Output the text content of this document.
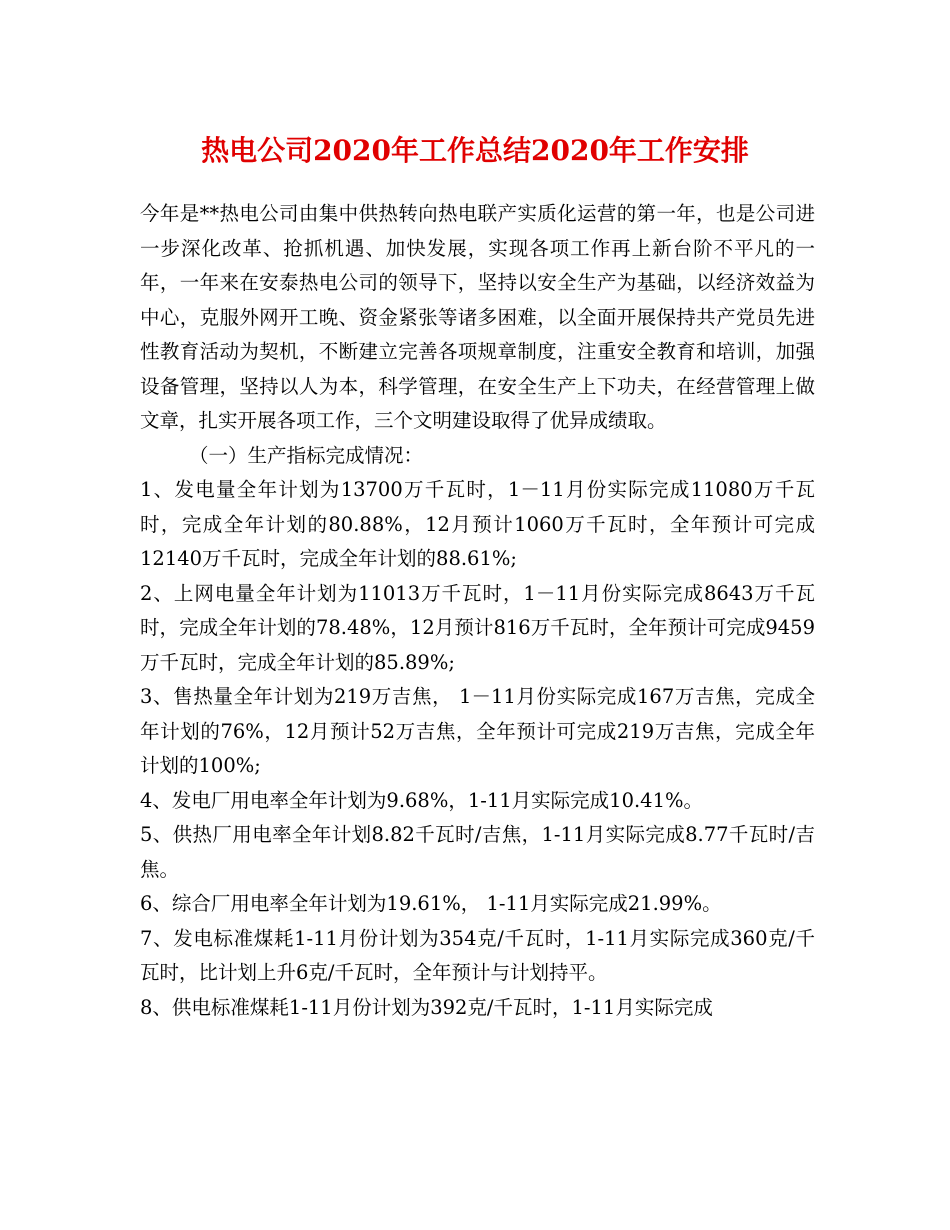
热电公司2020年工作总结2020年工作安排

今年是**热电公司由集中供热转向热电联产实质化运营的第一年，也是公司进一步深化改革、抢抓机遇、加快发展，实现各项工作再上新台阶不平凡的一年，一年来在安泰热电公司的领导下，坚持以安全生产为基础，以经济效益为中心，克服外网开工晚、资金紧张等诸多困难，以全面开展保持共产党员先进性教育活动为契机，不断建立完善各项规章制度，注重安全教育和培训，加强设备管理，坚持以人为本，科学管理，在安全生产上下功夫，在经营管理上做文章，扎实开展各项工作，三个文明建设取得了优异成绩取。

（一）生产指标完成情况：

1、发电量全年计划为13700万千瓦时，1－11月份实际完成11080万千瓦时，完成全年计划的80.88%，12月预计1060万千瓦时，全年预计可完成12140万千瓦时，完成全年计划的88.61%;

2、上网电量全年计划为11013万千瓦时，1－11月份实际完成8643万千瓦时，完成全年计划的78.48%，12月预计816万千瓦时，全年预计可完成9459万千瓦时，完成全年计划的85.89%;

3、售热量全年计划为219万吉焦， 1－11月份实际完成167万吉焦，完成全年计划的76%，12月预计52万吉焦，全年预计可完成219万吉焦，完成全年计划的100%;

4、发电厂用电率全年计划为9.68%，1-11月实际完成10.41%。

5、供热厂用电率全年计划8.82千瓦时/吉焦，1-11月实际完成8.77千瓦时/吉焦。

6、综合厂用电率全年计划为19.61%， 1-11月实际完成21.99%。

7、发电标准煤耗1-11月份计划为354克/千瓦时，1-11月实际完成360克/千瓦时，比计划上升6克/千瓦时，全年预计与计划持平。

8、供电标准煤耗1-11月份计划为392克/千瓦时，1-11月实际完成
